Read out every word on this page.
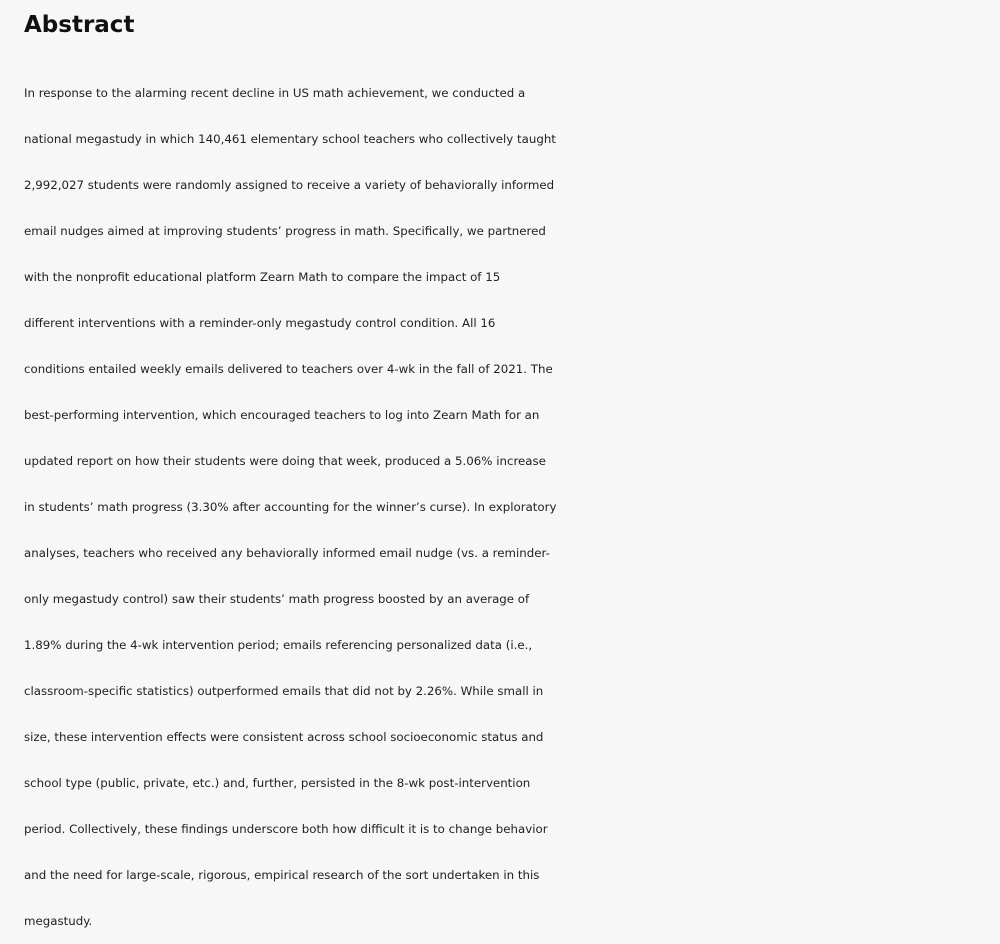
Abstract

In response to the alarming recent decline in US math achievement, we conducted a

national megastudy in which 140,461 elementary school teachers who collectively taught

2,992,027 students were randomly assigned to receive a variety of behaviorally informed

email nudges aimed at improving students’ progress in math. Specifically, we partnered

with the nonprofit educational platform Zearn Math to compare the impact of 15

different interventions with a reminder-only megastudy control condition. All 16

conditions entailed weekly emails delivered to teachers over 4-wk in the fall of 2021. The

best-performing intervention, which encouraged teachers to log into Zearn Math for an

updated report on how their students were doing that week, produced a 5.06% increase

in students’ math progress (3.30% after accounting for the winner’s curse). In exploratory

analyses, teachers who received any behaviorally informed email nudge (vs. a reminder-

only megastudy control) saw their students’ math progress boosted by an average of

1.89% during the 4-wk intervention period; emails referencing personalized data (i.e.,

classroom-specific statistics) outperformed emails that did not by 2.26%. While small in

size, these intervention effects were consistent across school socioeconomic status and

school type (public, private, etc.) and, further, persisted in the 8-wk post-intervention

period. Collectively, these findings underscore both how difficult it is to change behavior

and the need for large-scale, rigorous, empirical research of the sort undertaken in this

megastudy.
